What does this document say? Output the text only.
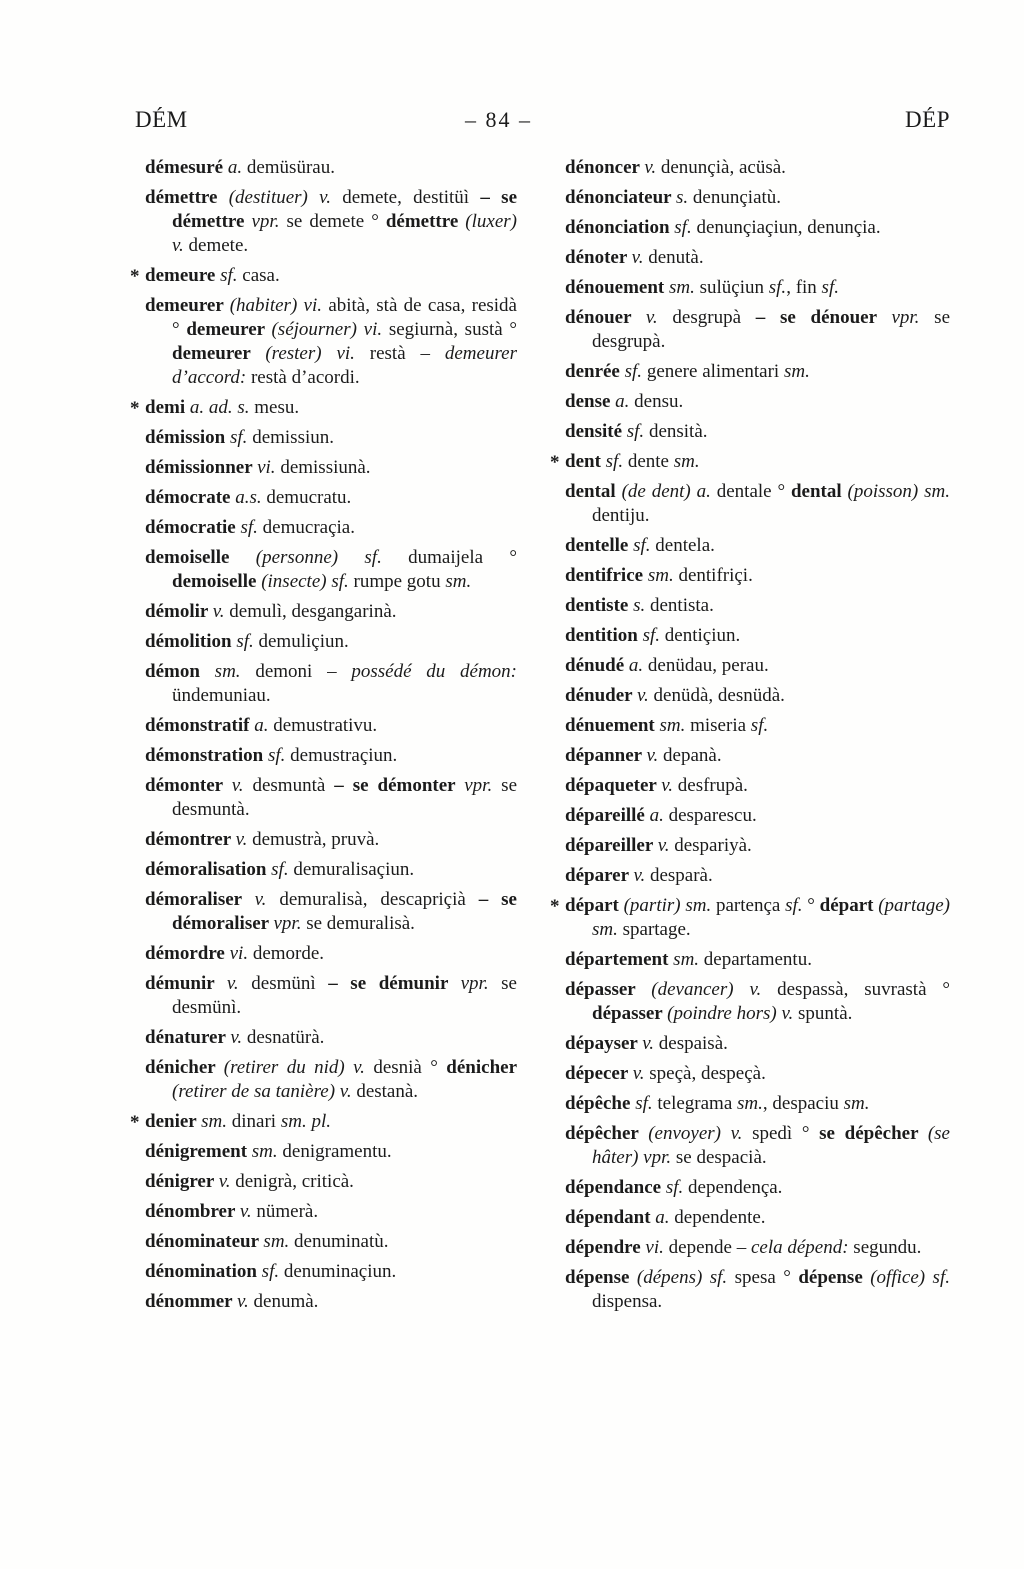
DÉM	– 84 –	DÉP

démesuré a. demüsürau.

démettre (destituer) v. demete, destitüì – se démettre vpr. se demete ° démettre (luxer) v. demete.

* demeure sf. casa.

demeurer (habiter) vi. abità, stà de casa, residà ° demeurer (séjourner) vi. segiurnà, sustà ° demeurer (rester) vi. restà – demeurer d’accord: restà d’acordi.

* demi a. ad. s. mesu.

démission sf. demissiun.

démissionner vi. demissiunà.

démocrate a.s. demucratu.

démocratie sf. demucraçia.

demoiselle (personne) sf. dumaijela ° demoiselle (insecte) sf. rumpe gotu sm.

démolir v. demulì, desgangarinà.

démolition sf. demuliçiun.

démon sm. demoni – possédé du démon: ündemuniau.

démonstratif a. demustrativu.

démonstration sf. demustraçiun.

démonter v. desmuntà – se démonter vpr. se desmuntà.

démontrer v. demustrà, pruvà.

démoralisation sf. demuralisaçiun.

démoraliser v. demuralisà, descapriçià – se démoraliser vpr. se demuralisà.

démordre vi. demorde.

démunir v. desmünì – se démunir vpr. se desmünì.

dénaturer v. desnatürà.

dénicher (retirer du nid) v. desnià ° dénicher (retirer de sa tanière) v. destanà.

* denier sm. dinari sm. pl.

dénigrement sm. denigramentu.

dénigrer v. denigrà, criticà.

dénombrer v. nümerà.

dénominateur sm. denuminatù.

dénomination sf. denuminaçiun.

dénommer v. denumà.

dénoncer v. denunçià, acüsà.

dénonciateur s. denunçiatù.

dénonciation sf. denunçiaçiun, denunçia.

dénoter v. denutà.

dénouement sm. sulüçiun sf., fin sf.

dénouer v. desgrupà – se dénouer vpr. se desgrupà.

denrée sf. genere alimentari sm.

dense a. densu.

densité sf. densità.

* dent sf. dente sm.

dental (de dent) a. dentale ° dental (poisson) sm. dentiju.

dentelle sf. dentela.

dentifrice sm. dentifriçi.

dentiste s. dentista.

dentition sf. dentiçiun.

dénudé a. denüdau, perau.

dénuder v. denüdà, desnüdà.

dénuement sm. miseria sf.

dépanner v. depanà.

dépaqueter v. desfrupà.

dépareillé a. desparescu.

dépareiller v. despariyà.

déparer v. desparà.

* départ (partir) sm. partença sf. ° départ (partage) sm. spartage.

département sm. departamentu.

dépasser (devancer) v. despassà, suvrastà ° dépasser (poindre hors) v. spuntà.

dépayser v. despaisà.

dépecer v. speçà, despeçà.

dépêche sf. telegrama sm., despaciu sm.

dépêcher (envoyer) v. spedì ° se dépêcher (se hâter) vpr. se despacià.

dépendance sf. dependença.

dépendant a. dependente.

dépendre vi. depende – cela dépend: segundu.

dépense (dépens) sf. spesa ° dépense (office) sf. dispensa.
